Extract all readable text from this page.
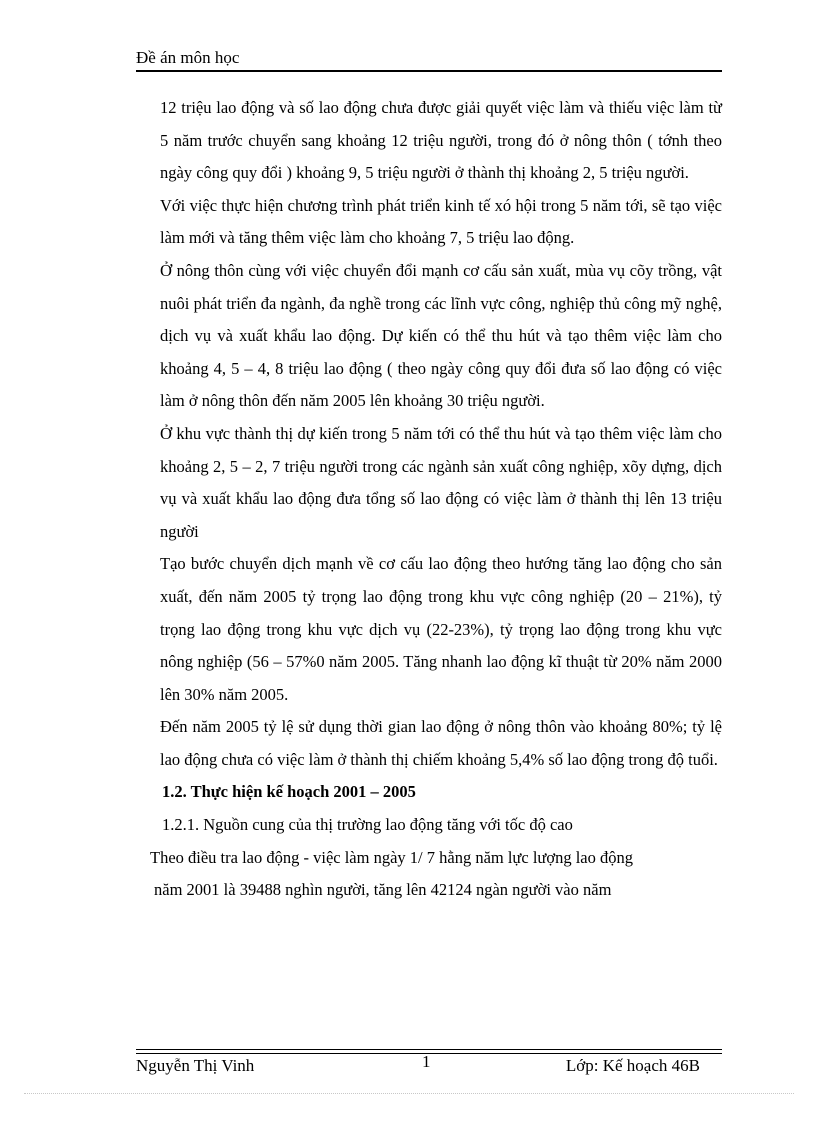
Đề án môn học

12 triệu lao động và số lao động chưa được giải quyết việc làm và thiếu việc làm từ 5 năm trước chuyển sang khoảng 12 triệu người, trong đó ở nông thôn ( tớnh theo ngày công quy đổi ) khoảng 9, 5 triệu người ở thành thị khoảng 2, 5 triệu người.

Với việc thực hiện chương trình phát triển kinh tế xó hội trong 5 năm tới, sẽ tạo việc làm mới và tăng thêm việc làm cho khoảng 7, 5 triệu lao động.

Ở nông thôn cùng với việc chuyển đổi mạnh cơ cấu sản xuất, mùa vụ cõy trồng, vật nuôi phát triển đa ngành, đa nghề trong các lĩnh vực công, nghiệp thủ công mỹ nghệ, dịch vụ và xuất khẩu lao động. Dự kiến có thể thu hút và tạo thêm việc làm cho khoảng 4, 5 – 4, 8 triệu lao động ( theo ngày công quy đổi đưa số lao động có việc làm ở nông thôn đến năm 2005 lên khoảng 30 triệu người.

Ở khu vực thành thị dự kiến trong 5 năm tới có thể thu hút và tạo thêm việc làm cho khoảng 2, 5 – 2, 7 triệu người trong các ngành sản xuất công nghiệp, xõy dựng, dịch vụ và xuất khẩu lao động đưa tổng số lao động có việc làm ở thành thị lên 13 triệu người

Tạo bước chuyển dịch mạnh về cơ cấu lao động theo hướng tăng lao động cho sản xuất, đến năm 2005 tỷ trọng lao động trong khu vực công nghiệp (20 – 21%), tỷ trọng lao động trong khu vực dịch vụ (22-23%), tỷ trọng lao động trong khu vực nông nghiệp (56 – 57%0 năm 2005. Tăng nhanh lao động kĩ thuật từ 20% năm 2000 lên 30% năm 2005.

Đến năm 2005 tỷ lệ sử dụng thời gian lao động ở nông thôn vào khoảng 80%; tỷ lệ lao động chưa có việc làm ở thành thị chiếm khoảng 5,4% số lao động trong độ tuổi.

1.2. Thực hiện kế hoạch 2001 – 2005

1.2.1. Nguồn cung của thị trường lao động tăng với tốc độ cao

Theo điều tra lao động - việc làm ngày 1/ 7 hằng năm lực lượng lao động

năm 2001 là 39488 nghìn người, tăng lên 42124 ngàn người vào năm

Nguyễn Thị Vinh	1	Lớp: Kế hoạch 46B
